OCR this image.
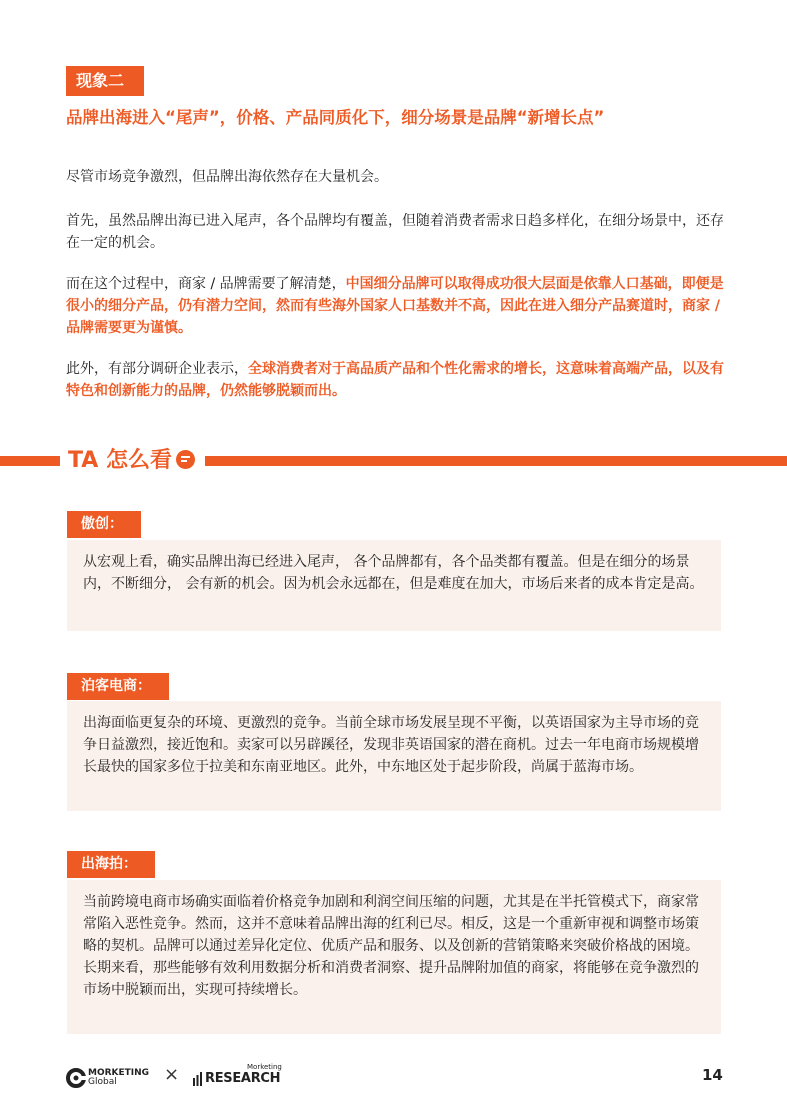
现象二
品牌出海进入“尾声”，价格、产品同质化下，细分场景是品牌“新增长点”

尽管市场竞争激烈，但品牌出海依然存在大量机会。

首先，虽然品牌出海已进入尾声，各个品牌均有覆盖，但随着消费者需求日趋多样化，在细分场景中，还存在一定的机会。

而在这个过程中，商家 / 品牌需要了解清楚，中国细分品牌可以取得成功很大层面是依靠人口基础，即便是很小的细分产品，仍有潜力空间，然而有些海外国家人口基数并不高，因此在进入细分产品赛道时，商家 / 品牌需要更为谨慎。

此外，有部分调研企业表示，全球消费者对于高品质产品和个性化需求的增长，这意味着高端产品，以及有特色和创新能力的品牌，仍然能够脱颖而出。

TA 怎么看
傲创：

从宏观上看，确实品牌出海已经进入尾声， 各个品牌都有，各个品类都有覆盖。但是在细分的场景内，不断细分， 会有新的机会。因为机会永远都在，但是难度在加大，市场后来者的成本肯定是高。

泊客电商：

出海面临更复杂的环境、更激烈的竞争。当前全球市场发展呈现不平衡，以英语国家为主导市场的竞争日益激烈，接近饱和。卖家可以另辟蹊径，发现非英语国家的潜在商机。过去一年电商市场规模增长最快的国家多位于拉美和东南亚地区。此外，中东地区处于起步阶段，尚属于蓝海市场。

出海拍：

当前跨境电商市场确实面临着价格竞争加剧和利润空间压缩的问题，尤其是在半托管模式下，商家常常陷入恶性竞争。然而，这并不意味着品牌出海的红利已尽。相反，这是一个重新审视和调整市场策略的契机。品牌可以通过差异化定位、优质产品和服务、以及创新的营销策略来突破价格战的困境。长期来看，那些能够有效利用数据分析和消费者洞察、提升品牌附加值的商家，将能够在竞争激烈的市场中脱颖而出，实现可持续增长。

MORKETING
Global	×	Morketing
RESEARCH	14
